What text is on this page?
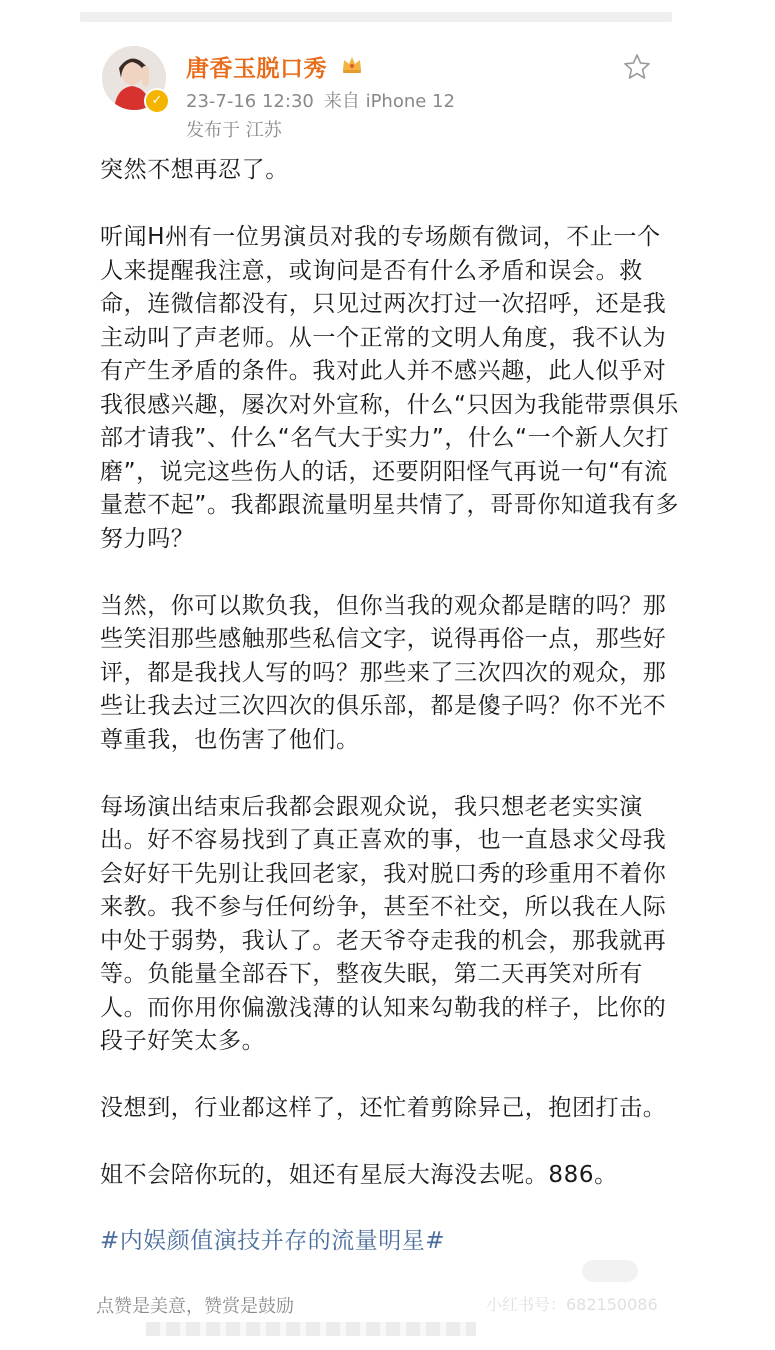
✓
唐香玉脱口秀
23-7-16 12:30 来自 iPhone 12
发布于 江苏

突然不想再忍了。

听闻H州有一位男演员对我的专场颇有微词，不止一个人来提醒我注意，或询问是否有什么矛盾和误会。救命，连微信都没有，只见过两次打过一次招呼，还是我主动叫了声老师。从一个正常的文明人角度，我不认为有产生矛盾的条件。我对此人并不感兴趣，此人似乎对我很感兴趣，屡次对外宣称，什么“只因为我能带票俱乐部才请我”、什么“名气大于实力”，什么“一个新人欠打磨”，说完这些伤人的话，还要阴阳怪气再说一句“有流量惹不起”。我都跟流量明星共情了，哥哥你知道我有多努力吗？

当然，你可以欺负我，但你当我的观众都是瞎的吗？那些笑泪那些感触那些私信文字，说得再俗一点，那些好评，都是我找人写的吗？那些来了三次四次的观众，那些让我去过三次四次的俱乐部，都是傻子吗？你不光不尊重我，也伤害了他们。

每场演出结束后我都会跟观众说，我只想老老实实演出。好不容易找到了真正喜欢的事，也一直恳求父母我会好好干先别让我回老家，我对脱口秀的珍重用不着你来教。我不参与任何纷争，甚至不社交，所以我在人际中处于弱势，我认了。老天爷夺走我的机会，那我就再等。负能量全部吞下，整夜失眠，第二天再笑对所有人。而你用你偏激浅薄的认知来勾勒我的样子，比你的段子好笑太多。

没想到，行业都这样了，还忙着剪除异己，抱团打击。

姐不会陪你玩的，姐还有星辰大海没去呢。886。

#内娱颜值演技并存的流量明星#
点赞是美意，赞赏是鼓励	小红书号：682150086
